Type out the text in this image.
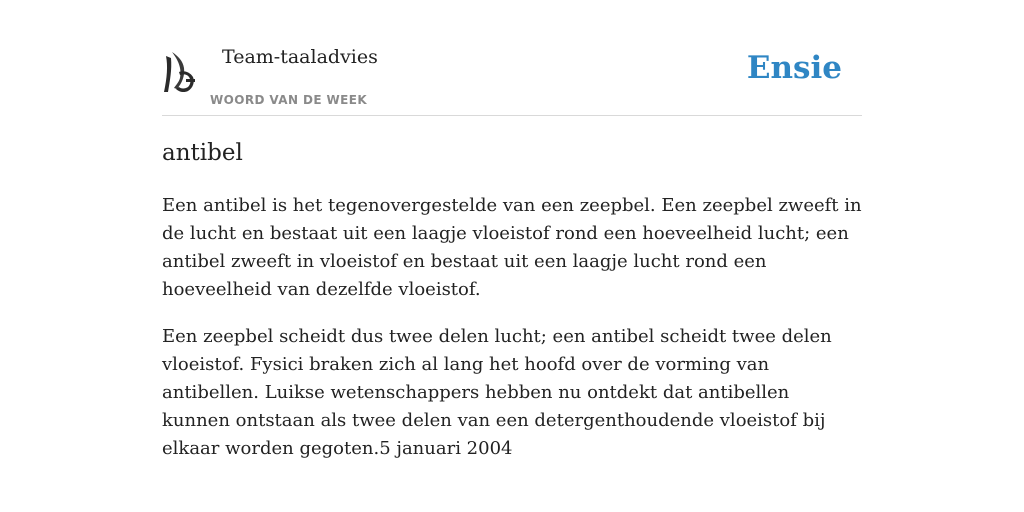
Team-taaladvies
WOORD VAN DE WEEK
Ensie
antibel

Een antibel is het tegenovergestelde van een zeepbel. Een zeepbel zweeft in de lucht en bestaat uit een laagje vloeistof rond een hoeveelheid lucht; een antibel zweeft in vloeistof en bestaat uit een laagje lucht rond een hoeveelheid van dezelfde vloeistof.

Een zeepbel scheidt dus twee delen lucht; een antibel scheidt twee delen vloeistof. Fysici braken zich al lang het hoofd over de vorming van antibellen. Luikse wetenschappers hebben nu ontdekt dat antibellen kunnen ontstaan als twee delen van een detergenthoudende vloeistof bij elkaar worden gegoten.5 januari 2004
